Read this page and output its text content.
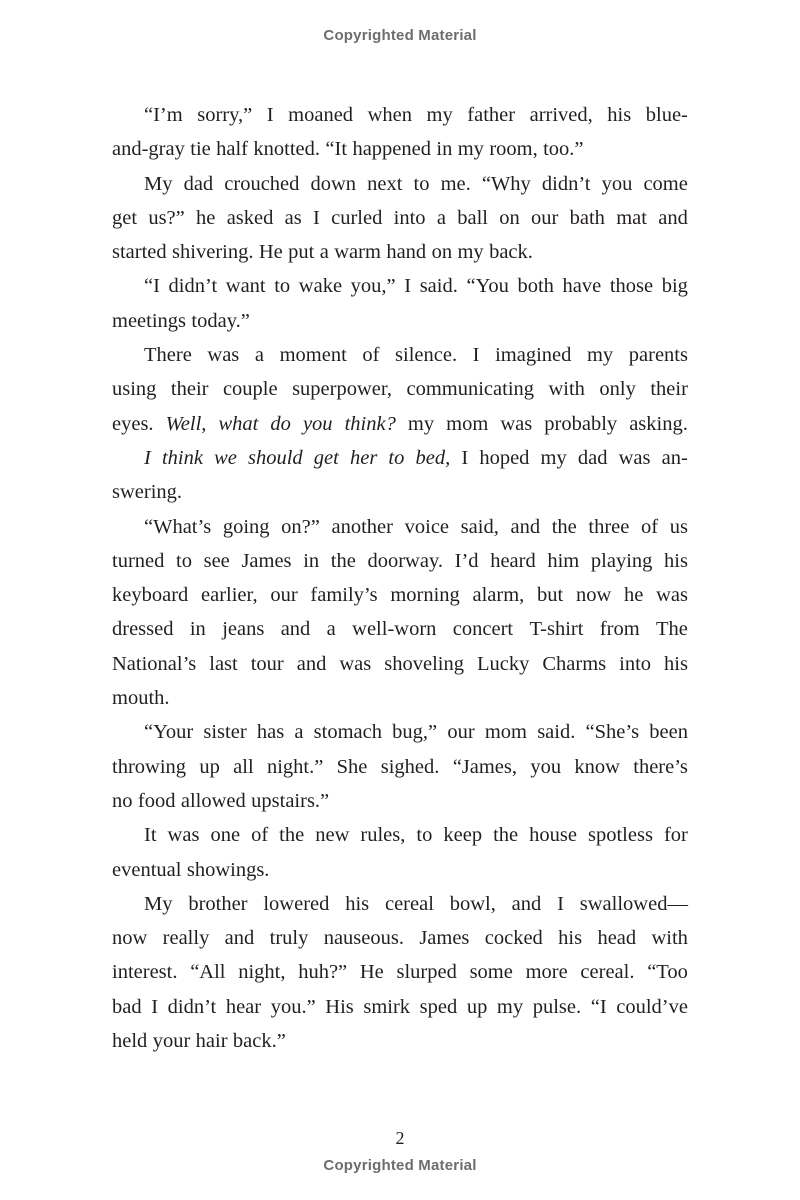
Copyrighted Material
“I’m sorry,” I moaned when my father arrived, his blue-
and-gray tie half knotted. “It happened in my room, too.”
My dad crouched down next to me. “Why didn’t you come
get us?” he asked as I curled into a ball on our bath mat and
started shivering. He put a warm hand on my back.
“I didn’t want to wake you,” I said. “You both have those big
meetings today.”
There was a moment of silence. I imagined my parents
using their couple superpower, communicating with only their
eyes. Well, what do you think? my mom was probably asking.
I think we should get her to bed, I hoped my dad was an-
swering.
“What’s going on?” another voice said, and the three of us
turned to see James in the doorway. I’d heard him playing his
keyboard earlier, our family’s morning alarm, but now he was
dressed in jeans and a well-worn concert T-shirt from The
National’s last tour and was shoveling Lucky Charms into his
mouth.
“Your sister has a stomach bug,” our mom said. “She’s been
throwing up all night.” She sighed. “James, you know there’s
no food allowed upstairs.”
It was one of the new rules, to keep the house spotless for
eventual showings.
My brother lowered his cereal bowl, and I swallowed—
now really and truly nauseous. James cocked his head with
interest. “All night, huh?” He slurped some more cereal. “Too
bad I didn’t hear you.” His smirk sped up my pulse. “I could’ve
held your hair back.”
2
Copyrighted Material
